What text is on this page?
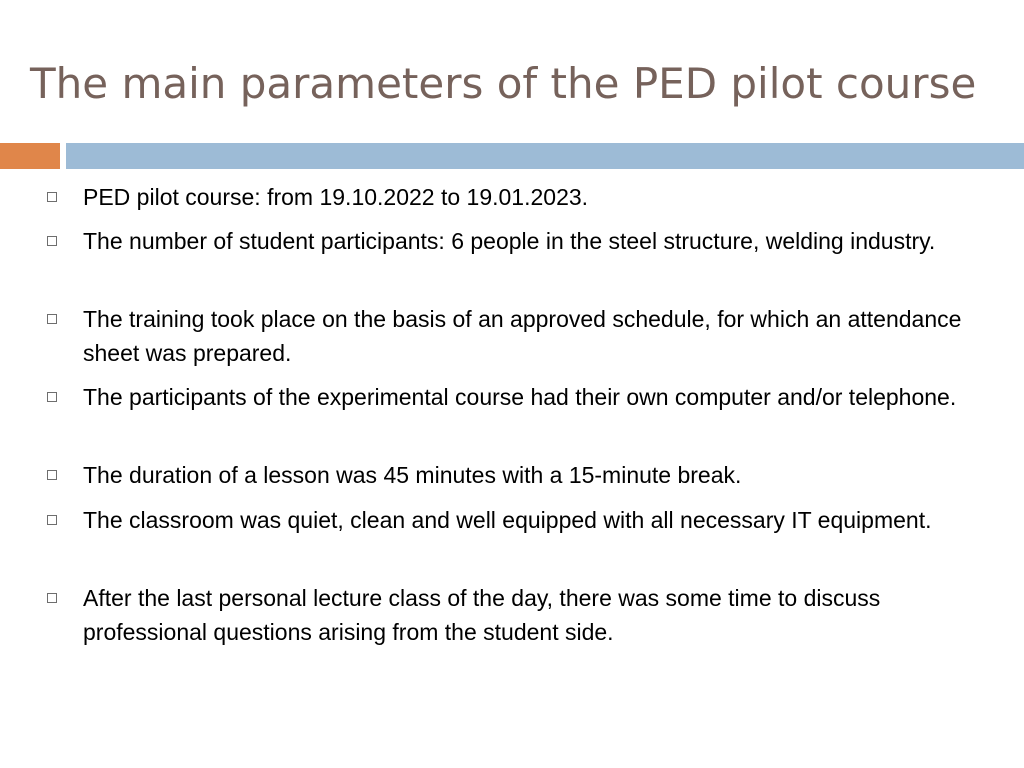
The main parameters of the PED pilot course
PED pilot course: from 19.10.2022 to 19.01.2023.
The number of student participants: 6 people in the steel structure, welding industry.
The training took place on the basis of an approved schedule, for which an attendance sheet was prepared.
The participants of the experimental course had their own computer and/or telephone.
The duration of a lesson was 45 minutes with a 15-minute break.
The classroom was quiet, clean and well equipped with all necessary IT equipment.
After the last personal lecture class of the day, there was some time to discuss professional questions arising from the student side.
